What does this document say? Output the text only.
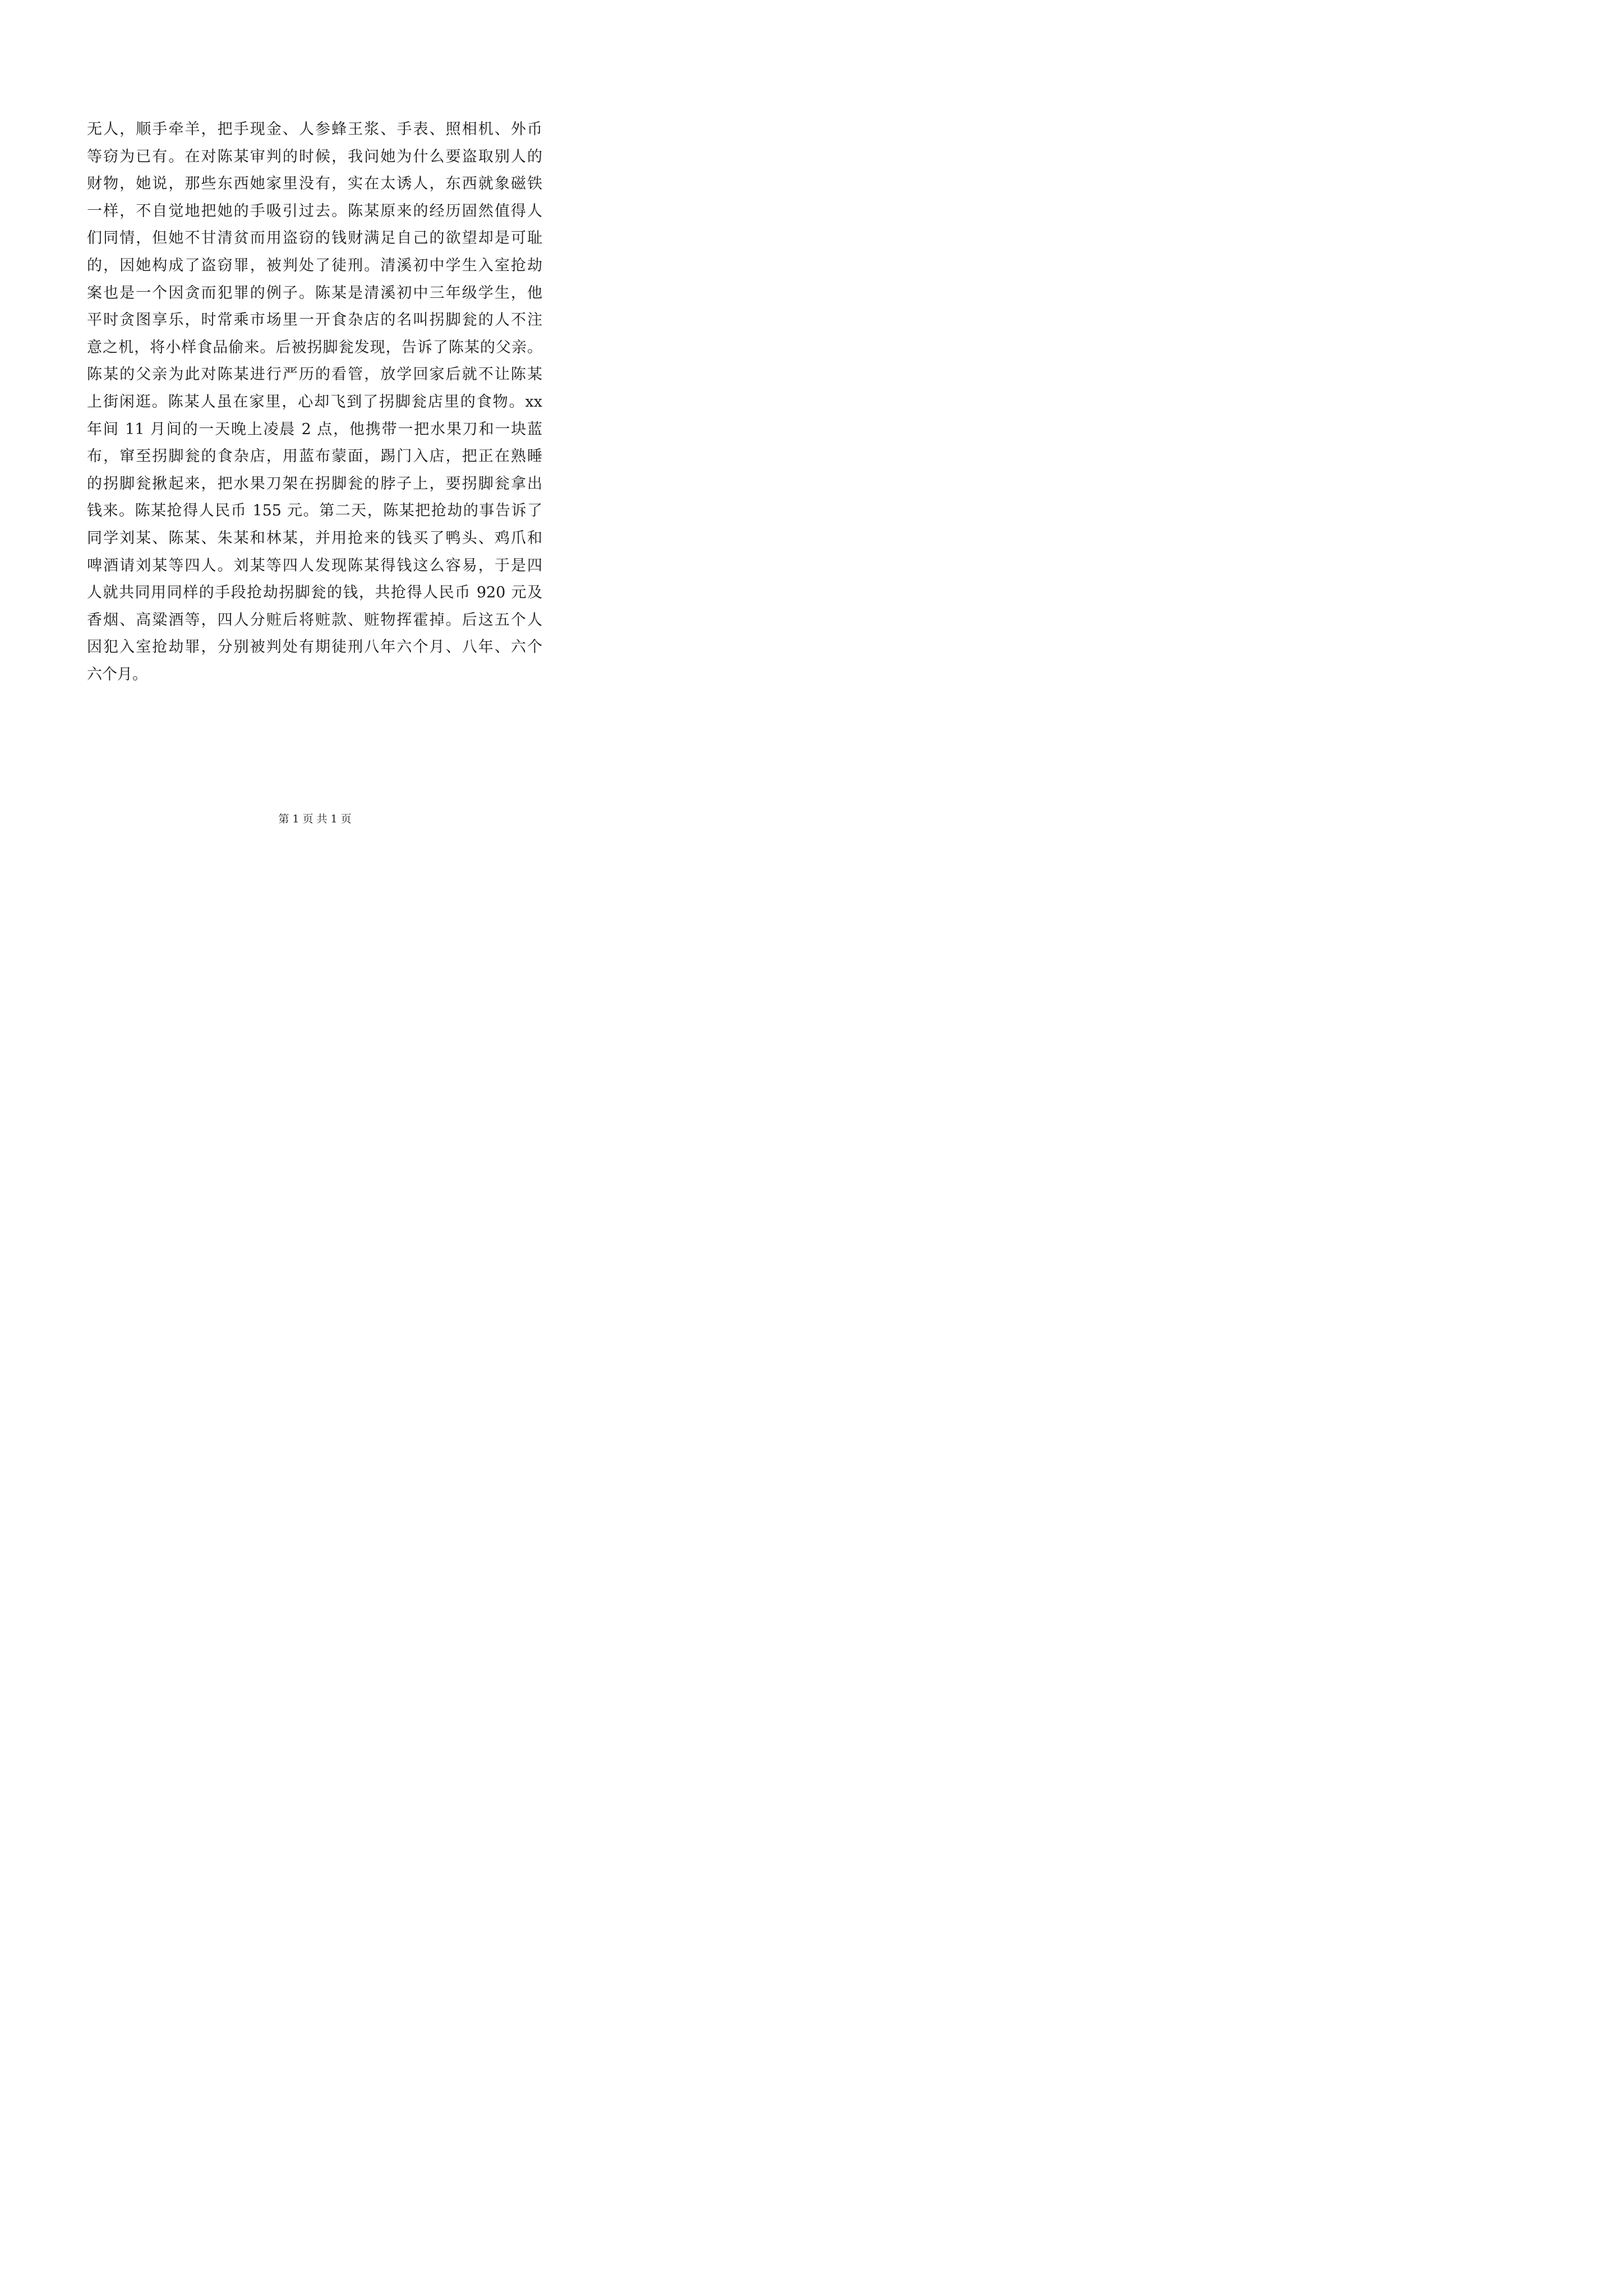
无人，顺手牵羊，把手现金、人参蜂王浆、手表、照相机、外币
等窃为已有。在对陈某审判的时候，我问她为什么要盗取别人的
财物，她说，那些东西她家里没有，实在太诱人，东西就象磁铁
一样，不自觉地把她的手吸引过去。陈某原来的经历固然值得人
们同情，但她不甘清贫而用盗窃的钱财满足自己的欲望却是可耻
的，因她构成了盗窃罪，被判处了徒刑。清溪初中学生入室抢劫
案也是一个因贪而犯罪的例子。陈某是清溪初中三年级学生，他
平时贪图享乐，时常乘市场里一开食杂店的名叫拐脚瓮的人不注
意之机，将小样食品偷来。后被拐脚瓮发现，告诉了陈某的父亲。
陈某的父亲为此对陈某进行严历的看管，放学回家后就不让陈某
上街闲逛。陈某人虽在家里，心却飞到了拐脚瓮店里的食物。xx
年间 11 月间的一天晚上凌晨 2 点，他携带一把水果刀和一块蓝
布，窜至拐脚瓮的食杂店，用蓝布蒙面，踢门入店，把正在熟睡
的拐脚瓮揪起来，把水果刀架在拐脚瓮的脖子上，要拐脚瓮拿出
钱来。陈某抢得人民币 155 元。第二天，陈某把抢劫的事告诉了
同学刘某、陈某、朱某和林某，并用抢来的钱买了鸭头、鸡爪和
啤酒请刘某等四人。刘某等四人发现陈某得钱这么容易，于是四
人就共同用同样的手段抢劫拐脚瓮的钱，共抢得人民币 920 元及
香烟、高粱酒等，四人分赃后将赃款、赃物挥霍掉。后这五个人
因犯入室抢劫罪，分别被判处有期徒刑八年六个月、八年、六个
六个月。
第 1 页 共 1 页
